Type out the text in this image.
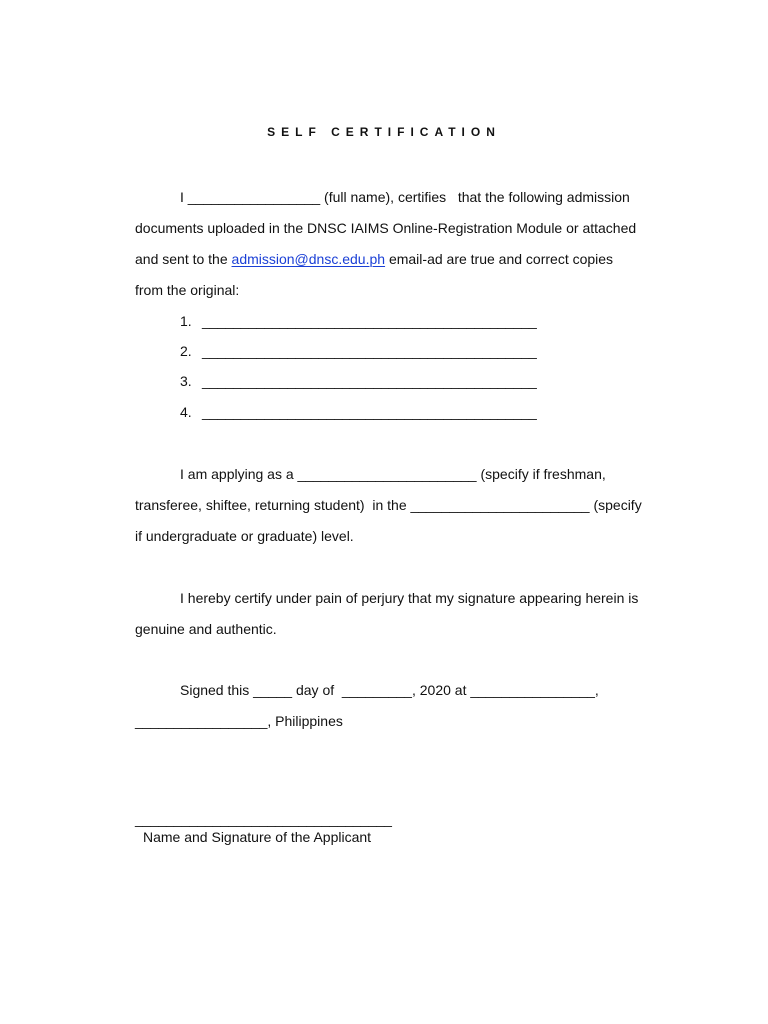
SELF CERTIFICATION
I _________________ (full name), certifies   that the following admission
documents uploaded in the DNSC IAIMS Online-Registration Module or attached
and sent to the admission@dnsc.edu.ph email-ad are true and correct copies
from the original:
1. ___________________________________________
2. ___________________________________________
3. ___________________________________________
4. ___________________________________________
I am applying as a _______________________ (specify if freshman,
transferee, shiftee, returning student)  in the _______________________ (specify
if undergraduate or graduate) level.
I hereby certify under pain of perjury that my signature appearing herein is
genuine and authentic.
Signed this _____ day of  _________, 2020 at ________________,
_________________, Philippines
_________________________________
Name and Signature of the Applicant
